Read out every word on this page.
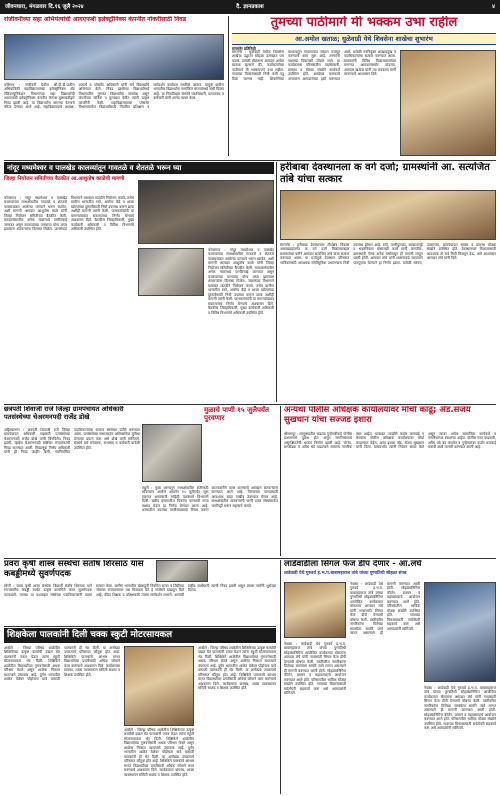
जीवनधारा, मंगळवार दि.१६ जुलै २०२४	दै. ज्ञानप्रकाश	४
रांजीवनीच्या सहा अभियंत्यांची आयएफबी इलेक्ट्रॉनिक्स कंपनीत नोकरीसाठी निवड
कोरेगाव : रांजीवनी येथील श्री.पी.डी.पाटील अभियांत्रिकी महाविद्यालयाच्या इलेक्ट्रॉनिक्स अँड टेलिकम्युनिकेशन विभागाच्या सहा विद्यार्थ्यांची आयएफबी इलेक्ट्रॉनिक्स कंपनीत कॅम्पस मुलाखतीद्वारे निवड झाली आहे. या विद्यार्थ्यांना चांगल्या वेतनाचे पॅकेज देण्यात आले आहे. महाविद्यालयाचे अध्यक्ष, प्राचार्य व प्लेसमेंट अधिकारी यांनी सर्व विद्यार्थ्यांचे अभिनंदन केले. निवड झालेल्या विद्यार्थ्यांमध्ये विभागातील गुणवंत विद्यार्थ्यांचा समावेश असून कंपनीच्या तांत्रिक व मुलाखत फेरीत त्यांनी उत्कृष्ट कामगिरी केली. महाविद्यालयाच्या प्लेसमेंट विभागामार्फत विद्यार्थ्यांसाठी नियमित प्रशिक्षण व मार्गदर्शन कार्यक्रम राबविले जातात. यामुळे ग्रामीण भागातील विद्यार्थ्यांना नामांकित कंपन्यांमध्ये संधी मिळत आहे. या निवडीबद्दल संस्थेचे पदाधिकारी, प्राध्यापक व कर्मचारी यांनी आनंद व्यक्त केला.
तुमच्या पाठीमागे मी भक्कम उभा राहील
आ.अमोल खताळ; धुळेवाडी येथे शिवसेना शाखेचा शुभारंभ
संगमनेर प्रतिनिधी
संगमनेर : धुळेवाडी येथील शिवसेना शाखेचा उद्घाटन सोहळा उत्साहात पार पडला. यावेळी बोलताना आमदार अमोल खताळ म्हणाले की, कार्यकर्त्यांच्या पाठीमागे मी भक्कमपणे उभा राहील. गावाच्या विकासासाठी निधी कमी पडू दिला जाणार नाही. शिवसेनेच्या माध्यमातून गावागावात संघटन मजबूत करण्याचे काम सुरू आहे. तरुणांनी पक्षाच्या विचारांशी जोडले जावे. या कार्यक्रमास परिसरातील पदाधिकारी, ग्रामस्थ व मोठ्या संख्येने कार्यकर्ते उपस्थित होते. शाखेच्या फलकाचे अनावरण आमदारांच्या हस्ते करण्यात आले. यावेळी नवनियुक्त शाखाप्रमुख व पदाधिकाऱ्यांचा सत्कार करण्यात आला. ग्रामस्थांनी विविध विकासकामांच्या मागण्या आमदारांसमोर मांडल्या. आमदार खताळ यांनी त्या लवकरच मार्गी लावण्याचे आश्वासन दिले.
नांदूर मध्यमेश्वर व पालखेड कालव्यांतून गावतळे व शेततळे भरून घ्या
जिल्हा नियोजन समितीच्या बैठकीत आ.आशुतोष काळेंची मागणी
कोपरगाव : नांदूर मध्यमेश्वर व पालखेड कालव्याच्या लाभक्षेत्रातील गावतळे व शेततळे पावसाळ्यात आलेल्या पाण्याने भरून घ्यावेत, अशी मागणी आमदार आशुतोष काळे यांनी जिल्हा नियोजन समितीच्या बैठकीत केली. मतदारसंघातील अनेक गावांमध्ये पाणीटंचाई जाणवत असून कालव्याच्या पाण्याचा योग्य वापर झाल्यास शेतकऱ्यांना दिलासा मिळेल. जलसंपदा विभागाने याबाबत तातडीने नियोजन करावे. तसेच ग्रामीण भागातील रस्ते, आरोग्य केंद्रे व शाळा खोल्यांच्या दुरुस्तीसाठी निधी उपलब्ध करून द्यावा अशीही मागणी त्यांनी केली. पालकमंत्र्यांनी या मागण्यांबाबत सकारात्मक निर्णय घेण्याचे आश्वासन दिले. बैठकीस जिल्हाधिकारी, मुख्य कार्यकारी अधिकारी व विविध विभागांचे अधिकारी उपस्थित होते.
कोपरगाव : नांदूर मध्यमेश्वर व पालखेड कालव्याच्या लाभक्षेत्रातील गावतळे व शेततळे पावसाळ्यात आलेल्या पाण्याने भरून घ्यावेत, अशी मागणी आमदार आशुतोष काळे यांनी जिल्हा नियोजन समितीच्या बैठकीत केली. मतदारसंघातील अनेक गावांमध्ये पाणीटंचाई जाणवत असून कालव्याच्या पाण्याचा योग्य वापर झाल्यास शेतकऱ्यांना दिलासा मिळेल. जलसंपदा विभागाने याबाबत तातडीने नियोजन करावे. तसेच ग्रामीण भागातील रस्ते, आरोग्य केंद्रे व शाळा खोल्यांच्या दुरुस्तीसाठी निधी उपलब्ध करून द्यावा अशीही मागणी त्यांनी केली. पालकमंत्र्यांनी या मागण्यांबाबत सकारात्मक निर्णय घेण्याचे आश्वासन दिले. बैठकीस जिल्हाधिकारी, मुख्य कार्यकारी अधिकारी व विविध विभागांचे अधिकारी उपस्थित होते.
हरीबाबा देवस्थानला क वर्ग दर्जा; ग्रामस्थांनी आ. सत्यजित तांबे यांचा सत्कार
संगमनेर : हरीबाबा देवस्थानला तीर्थक्षेत्र विकास आराखड्यांतर्गत क वर्ग दर्जा मिळाल्याबद्दल ग्रामस्थांच्या वतीने आमदार सत्यजित तांबे यांचा सत्कार करण्यात आला. या दर्जामुळे देवस्थान परिसरात भाविकांसाठी आवश्यक सोयीसुविधा उभारण्यास निधी उपलब्ध होणार आहे. रस्ते, पाणीपुरवठा, स्वच्छतागृहे व भक्तनिवास यांसारखी कामे मार्गी लागतील. ग्रामस्थांनी गेल्या अनेक वर्षांपासून ही मागणी लावून धरली होती. आमदार तांबे यांनी शासनाकडे सातत्याने पाठपुरावा केल्याने हा निर्णय झाला. यावेळी सरपंच, उपसरपंच, ग्रामपंचायत सदस्य व ग्रामस्थ मोठ्या संख्येने उपस्थित होते. देवस्थानच्या विकासासाठी आवश्यक तो सर्व निधी मिळवून देऊ, असे आश्वासन आमदार तांबे यांनी दिले.
छत्रपती शिवाजी राजे जिल्हा ग्रामपंचायत अधिकारी पतसंस्थेच्या चेअरमनपदी राजेंद्र डोखे
अहिल्यानगर : छत्रपती शिवाजी राजे जिल्हा ग्रामपंचायत अधिकारी सहकारी पतसंस्थेच्या चेअरमनपदी राजेंद्र डोखे यांची बिनविरोध निवड झाली. व्हाईस चेअरमनपदी संबंधित संचालकांची निवड करण्यात आली. निवडणूक निर्णय अधिकारी यांनी ही निवड जाहीर केली. नवनिर्वाचित पदाधिकाऱ्यांचा सत्कार संस्थेच्या वतीने करण्यात आला. पतसंस्थेच्या सभासदांना अधिकाधिक सुविधा देण्याचा प्रयत्न करू असे डोखे यांनी सांगितले. संस्थेचे सर्व संचालक, सभासद व कर्मचारी यावेळी उपस्थित होते.
मुळाचे पाणी १५ जुलैपर्यंत पुरवणार
राहुरी : मुळा धरणातून लाभक्षेत्रातील शेतीसाठी सोडण्यात आलेले आवर्तन १५ जुलैपर्यंत सुरू राहणार असल्याची माहिती पाटबंधारे विभागाने दिली. खरीप हंगामातील पिकांना पाण्याची गरज लक्षात घेऊन हा निर्णय घेण्यात आला आहे. धरणातील उपलब्ध पाणीसाठ्याचा विचार करून काटकसरीने वापर करण्याचे आवाहन शेतकऱ्यांना करण्यात आले आहे. पिण्याच्या पाण्यासाठी आवश्यक साठा राखीव ठेवण्यात येणार आहे. लाभक्षेत्रातील शेतकऱ्यांनी पाणी वापर संस्थांमार्फत पाणीपट्टी भरून सहकार्य करावे.
अन्यथा पोलीस अधिक्षक कार्यालयावर मोर्चा काढू; ॲड.संजय सुखधान यांचा सज्जड इशारा
श्रीरामपूर : तालुक्यातील वाढत्या गुन्हेगारीकडे पोलीस प्रशासनाचे दुर्लक्ष होत असून नागरिकांमध्ये असुरक्षिततेची भावना निर्माण झाली आहे. चोऱ्या, घरफोड्या व अवैध धंदे वाढल्याने सामान्य नागरिक त्रस्त आहेत. याबाबत तातडीने कठोर कारवाई न केल्यास पोलीस अधिक्षक कार्यालयावर मोर्चा काढण्यात येईल, असा इशारा ॲड. संजय सुखधान यांनी दिला. यासंदर्भात त्यांनी निवेदन सादर केले असून त्यावर अनेक सामाजिक कार्यकर्ते व नागरिकांच्या स्वाक्षऱ्या आहेत. पोलीस गस्त वाढवावी, अवैध धंदे बंद करावेत व गुन्हेगारांवर कठोर कारवाई करावी अशी मागणी करण्यात आली आहे.
प्रवरा कृषी शास्त्र संस्थेचा संतोष शिरसाठ यास कबड्डीमध्ये सुवर्णपदक
लोणी : प्रवरा कृषी शास्त्र संस्थेचा विद्यार्थी संतोष शिरसाठ याने राज्यस्तरीय कबड्डी स्पर्धेत उत्कृष्ट कामगिरी करत सुवर्णपदक पटकावले. त्याच्या या यशाबद्दल संस्थेच्या पदाधिकाऱ्यांनी त्याचा सत्कार केला. ग्रामीण भागातील खेळाडूंनी नियमित सराव व जिद्दीच्या जोरावर राज्यस्तरावर यश मिळवता येते हे संतोषने दाखवून दिले आहे. क्रीडा शिक्षक व प्रशिक्षकांचे त्याला मार्गदर्शन लाभले. आगामी राष्ट्रीय स्पर्धेसाठी त्याची निवड झाली असून त्याला सर्वांनी शुभेच्छा दिल्या.
लाडेवाडीला सिंगल फेज डीप देणार - आ.लंघे
लाडेवाडी येथे गुरुवर्य ह.भ.प.बाबामहाराज तांबे यांच्या पुण्यतिथी सोहळा संपन्न
नेवासा : लाडेवाडी येथे गुरुवर्य ह.भ.प. बाबामहाराज तांबे यांच्या पुण्यतिथी सोहळ्यानिमित्त आयोजित कार्यक्रमात बोलताना आमदार लंघे यांनी गावासाठी सिंगल फेज डीपी देण्याची घोषणा केली. वस्तीवरील नागरिकांना विजेच्या समस्येला सामोरे जावे लागत असल्याने ही मागणी करण्यात आली होती. सोहळ्यानिमित्त कीर्तन, प्रवचन व महाप्रसादाचे आयोजन करण्यात आले होते. परिसरातील भाविक मोठ्या संख्येने उपस्थित होते. गावाच्या विकासासाठी सर्वतोपरी सहकार्य करू असे आमदारांनी सांगितले.
नेवासा : लाडेवाडी येथे गुरुवर्य ह.भ.प. बाबामहाराज तांबे यांच्या पुण्यतिथी सोहळ्यानिमित्त आयोजित कार्यक्रमात बोलताना आमदार लंघे यांनी गावासाठी सिंगल फेज डीपी देण्याची घोषणा केली. वस्तीवरील नागरिकांना विजेच्या समस्येला सामोरे जावे लागत असल्याने ही मागणी करण्यात आली होती. सोहळ्यानिमित्त कीर्तन, प्रवचन व महाप्रसादाचे आयोजन करण्यात आले होते. परिसरातील भाविक मोठ्या संख्येने उपस्थित होते. गावाच्या विकासासाठी सर्वतोपरी सहकार्य करू असे आमदारांनी सांगितले.
नेवासा : लाडेवाडी येथे गुरुवर्य ह.भ.प. बाबामहाराज तांबे यांच्या पुण्यतिथी सोहळ्यानिमित्त आयोजित कार्यक्रमात बोलताना आमदार लंघे यांनी गावासाठी सिंगल फेज डीपी देण्याची घोषणा केली. वस्तीवरील नागरिकांना विजेच्या समस्येला सामोरे जावे लागत असल्याने ही मागणी करण्यात आली होती. सोहळ्यानिमित्त कीर्तन, प्रवचन व महाप्रसादाचे आयोजन करण्यात आले होते. परिसरातील भाविक मोठ्या संख्येने उपस्थित होते. गावाच्या विकासासाठी सर्वतोपरी सहकार्य करू असे आमदारांनी सांगितले.
शिक्षकेला पालकांनी दिली चक्क स्कुटी मोटरसायकल
अकोले : जिल्हा परिषद शाळेतील शिक्षिकेच्या उत्कृष्ट कार्याची दखल घेत पालकांनी एकत्र येऊन त्यांना स्कुटी मोटरसायकल भेट दिली. शिक्षिकेने शाळेतील विद्यार्थ्यांच्या गुणवत्तेसाठी अथक परिश्रम घेतले असून शाळेचा निकाल सातत्याने उंचावला आहे. दुर्गम भागातील शाळेत वेळेवर पोहोचता यावे यासाठी पालकांनी ही भेट दिली. या अनोख्या उपक्रमाचे परिसरात कौतुक होत आहे. शिक्षिकेने पालकांचे आभार मानत विद्यार्थ्यांच्या प्रगतीसाठी अधिक जोमाने काम करण्याचे आश्वासन दिले. कार्यक्रमास ग्रामस्थ, शाळा व्यवस्थापन समिती सदस्य व शिक्षक उपस्थित होते.
अकोले : जिल्हा परिषद शाळेतील शिक्षिकेच्या उत्कृष्ट कार्याची दखल घेत पालकांनी एकत्र येऊन त्यांना स्कुटी मोटरसायकल भेट दिली. शिक्षिकेने शाळेतील विद्यार्थ्यांच्या गुणवत्तेसाठी अथक परिश्रम घेतले असून शाळेचा निकाल सातत्याने उंचावला आहे. दुर्गम भागातील शाळेत वेळेवर पोहोचता यावे यासाठी पालकांनी ही भेट दिली. या अनोख्या उपक्रमाचे परिसरात कौतुक होत आहे. शिक्षिकेने पालकांचे आभार मानत विद्यार्थ्यांच्या प्रगतीसाठी अधिक जोमाने काम करण्याचे आश्वासन दिले. कार्यक्रमास ग्रामस्थ, शाळा व्यवस्थापन समिती सदस्य व शिक्षक उपस्थित होते.
अकोले : जिल्हा परिषद शाळेतील शिक्षिकेच्या उत्कृष्ट कार्याची दखल घेत पालकांनी एकत्र येऊन त्यांना स्कुटी मोटरसायकल भेट दिली. शिक्षिकेने शाळेतील विद्यार्थ्यांच्या गुणवत्तेसाठी अथक परिश्रम घेतले असून शाळेचा निकाल सातत्याने उंचावला आहे. दुर्गम भागातील शाळेत वेळेवर पोहोचता यावे यासाठी पालकांनी ही भेट दिली. या अनोख्या उपक्रमाचे परिसरात कौतुक होत आहे. शिक्षिकेने पालकांचे आभार मानत विद्यार्थ्यांच्या प्रगतीसाठी अधिक जोमाने काम करण्याचे आश्वासन दिले. कार्यक्रमास ग्रामस्थ, शाळा व्यवस्थापन समिती सदस्य व शिक्षक उपस्थित होते.
